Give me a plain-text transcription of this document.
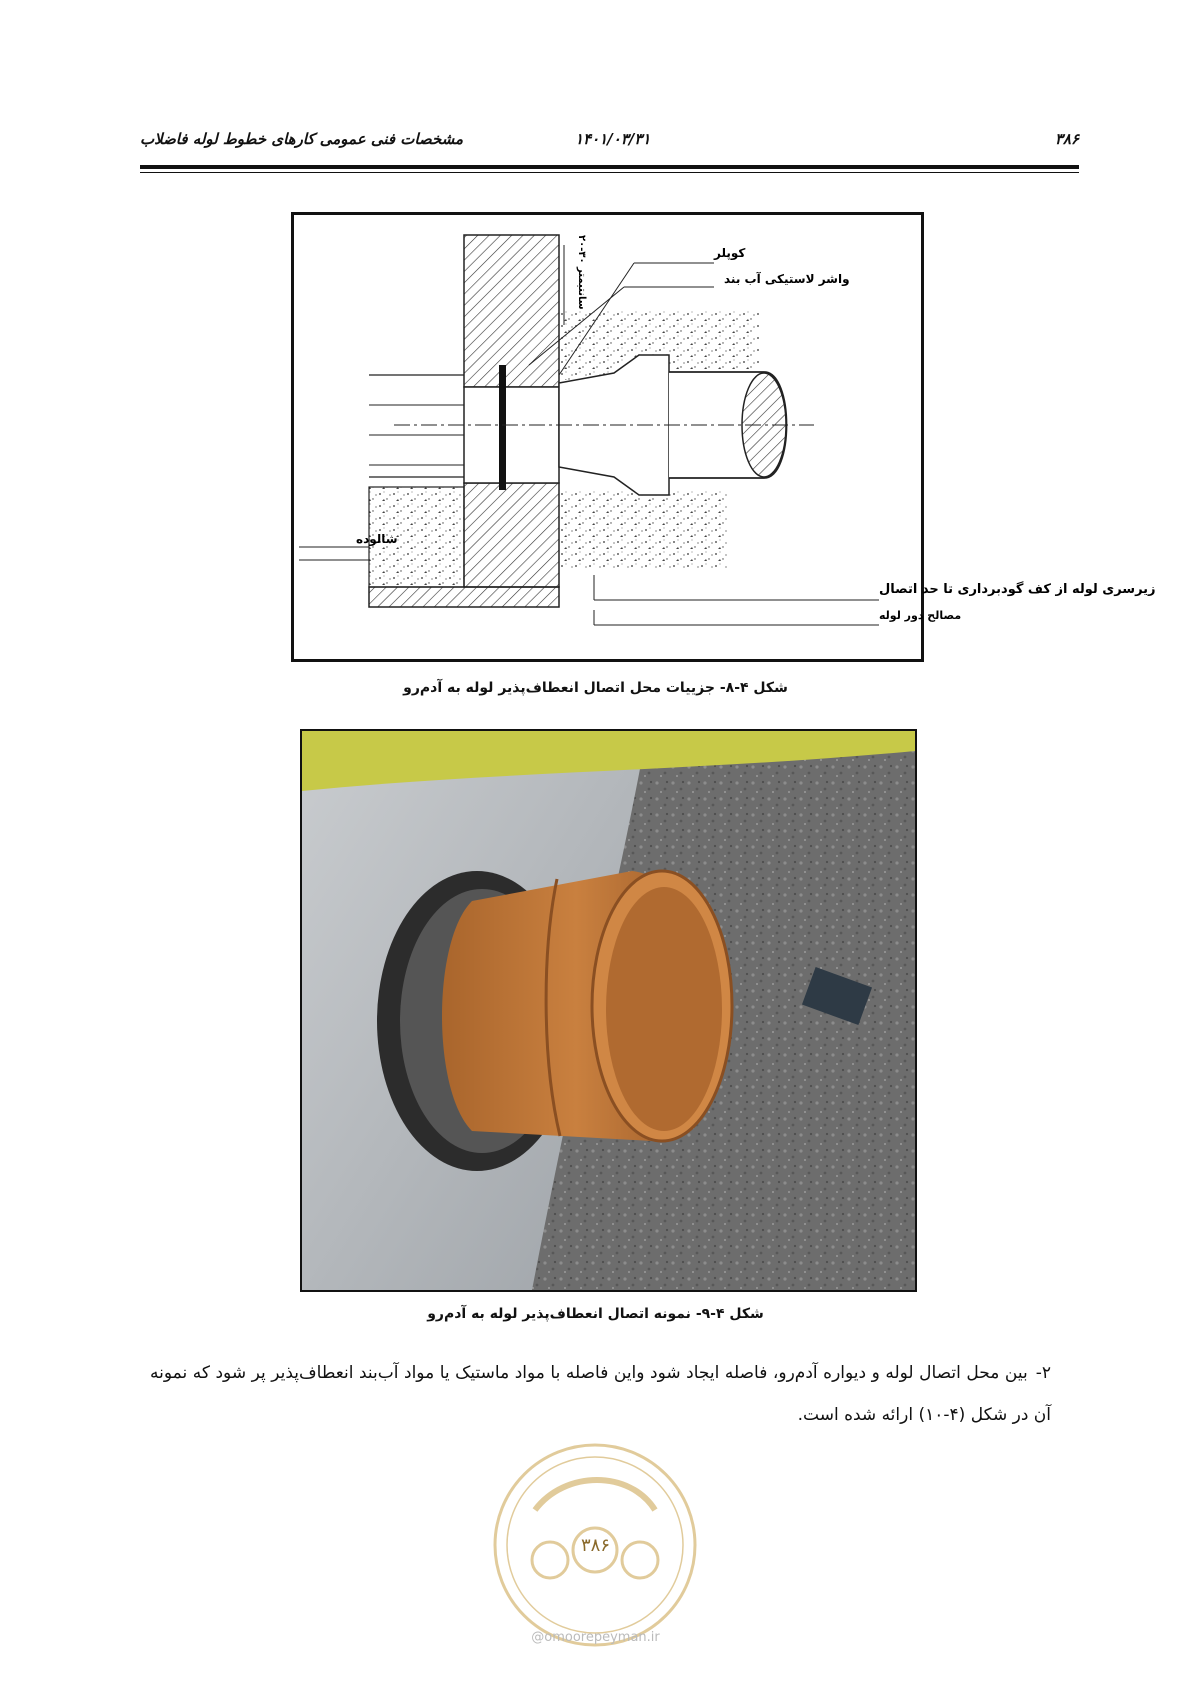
۳۸۶
۱۴۰۱/۰۳/۳۱
مشخصات فنی عمومی کارهای خطوط لوله فاضلاب
کوپلر
واشر لاستیکی آب بند
۲۰-۳۰ سانتیمتر
شالوده
زیرسری لوله از کف گودبرداری تا حد اتصال
مصالح دور لوله
شکل ۴-۸- جزییات محل اتصال انعطاف‌پذیر لوله به آدم‌رو
شکل ۴-۹- نمونه اتصال انعطاف‌پذیر لوله به آدم‌رو
۲-بین محل اتصال لوله و دیواره آدم‌رو، فاصله ایجاد شود واین فاصله با مواد ماستیک یا مواد آب‌بند انعطاف‌پذیر پر شود که نمونه آن در شکل (۴-۱۰) ارائه شده است.
۳۸۶
@omoorepeyman.ir
